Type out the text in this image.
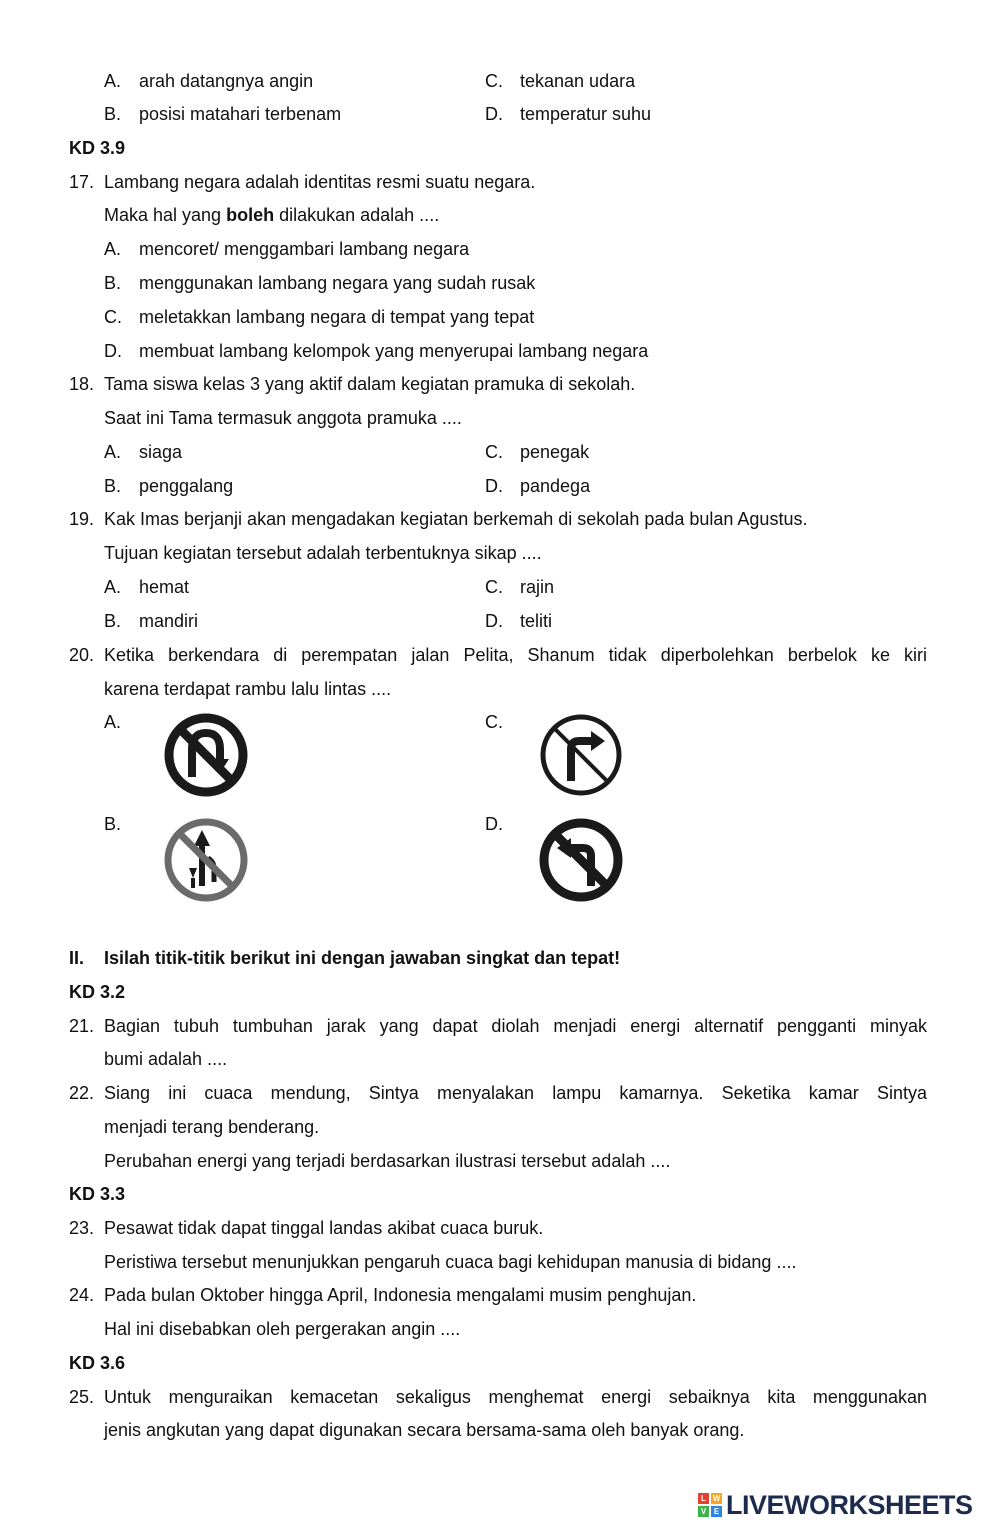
A. arah datangnya angin	C. tekanan udara
B. posisi matahari terbenam	D. temperatur suhu
KD 3.9
17. Lambang negara adalah identitas resmi suatu negara.
Maka hal yang boleh dilakukan adalah ....
A. mencoret/ menggambari lambang negara
B. menggunakan lambang negara yang sudah rusak
C. meletakkan lambang negara di tempat yang tepat
D. membuat lambang kelompok yang menyerupai lambang negara
18. Tama siswa kelas 3 yang aktif dalam kegiatan pramuka di sekolah.
Saat ini Tama termasuk anggota pramuka ....
A. siaga	C. penegak
B. penggalang	D. pandega
19. Kak Imas berjanji akan mengadakan kegiatan berkemah di sekolah pada bulan Agustus.
Tujuan kegiatan tersebut adalah terbentuknya sikap ....
A. hemat	C. rajin
B. mandiri	D. teliti
20. Ketika berkendara di perempatan jalan Pelita, Shanum tidak diperbolehkan berbelok ke kiri
karena terdapat rambu lalu lintas ....
A.	C.
B.	D.
II. Isilah titik-titik berikut ini dengan jawaban singkat dan tepat!
KD 3.2
21. Bagian tubuh tumbuhan jarak yang dapat diolah menjadi energi alternatif pengganti minyak
bumi adalah ....
22. Siang ini cuaca mendung, Sintya menyalakan lampu kamarnya. Seketika kamar Sintya
menjadi terang benderang.
Perubahan energi yang terjadi berdasarkan ilustrasi tersebut adalah ....
KD 3.3
23. Pesawat tidak dapat tinggal landas akibat cuaca buruk.
Peristiwa tersebut menunjukkan pengaruh cuaca bagi kehidupan manusia di bidang ....
24. Pada bulan Oktober hingga April, Indonesia mengalami musim penghujan.
Hal ini disebabkan oleh pergerakan angin ....
KD 3.6
25. Untuk menguraikan kemacetan sekaligus menghemat energi sebaiknya kita menggunakan
jenis angkutan yang dapat digunakan secara bersama-sama oleh banyak orang.
L W
V E LIVEWORKSHEETS
